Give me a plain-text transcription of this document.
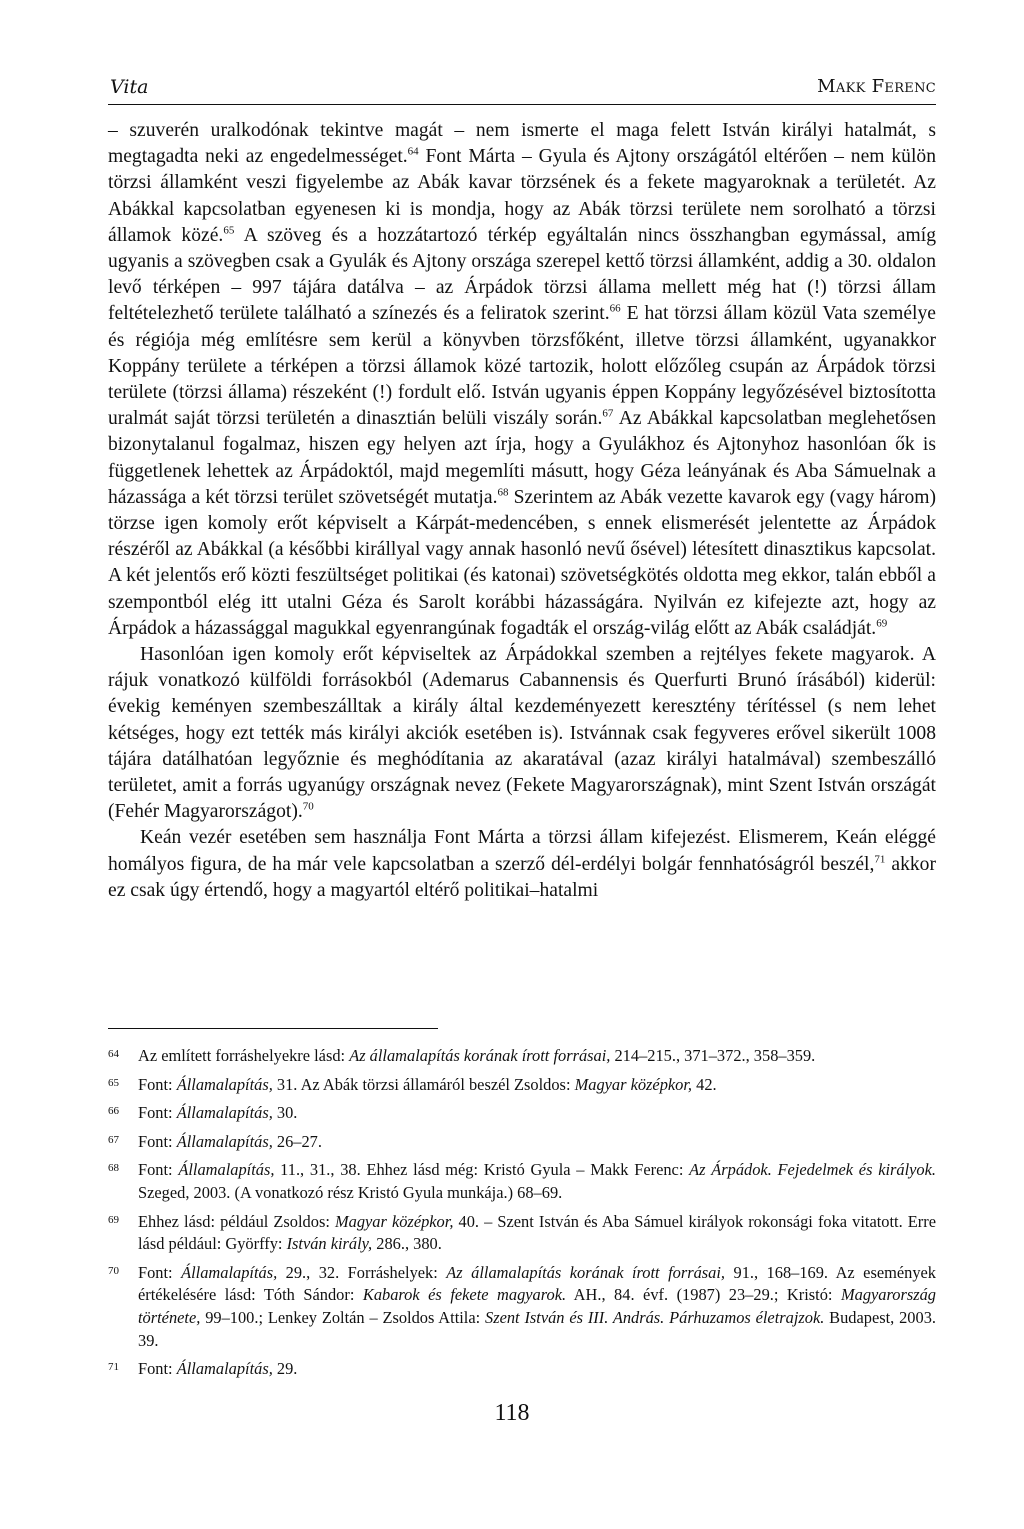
Vita	Makk Ferenc

– szuverén uralkodónak tekintve magát – nem ismerte el maga felett István királyi hatalmát, s megtagadta neki az engedelmességet.$^{64}$ Font Márta – Gyula és Ajtony országától eltérően – nem külön törzsi államként veszi figyelembe az Abák kavar törzsének és a fekete magyaroknak a területét. Az Abákkal kapcsolatban egyenesen ki is mondja, hogy az Abák törzsi területe nem sorolható a törzsi államok közé.$^{65}$ A szöveg és a hozzátartozó térkép egyáltalán nincs összhangban egymással, amíg ugyanis a szövegben csak a Gyulák és Ajtony országa szerepel kettő törzsi államként, addig a 30. oldalon levő térképen – 997 tájára datálva – az Árpádok törzsi állama mellett még hat (!) törzsi állam feltételezhető területe található a színezés és a feliratok szerint.$^{66}$ E hat törzsi állam közül Vata személye és régiója még említésre sem kerül a könyvben törzsfőként, illetve törzsi államként, ugyanakkor Koppány területe a térképen a törzsi államok közé tartozik, holott előzőleg csupán az Árpádok törzsi területe (törzsi állama) részeként (!) fordult elő. István ugyanis éppen Koppány legyőzésével biztosította uralmát saját törzsi területén a dinasztián belüli viszály során.$^{67}$ Az Abákkal kapcsolatban meglehetősen bizonytalanul fogalmaz, hiszen egy helyen azt írja, hogy a Gyulákhoz és Ajtonyhoz hasonlóan ők is függetlenek lehettek az Árpádoktól, majd megemlíti másutt, hogy Géza leányának és Aba Sámuelnak a házassága a két törzsi terület szövetségét mutatja.$^{68}$ Szerintem az Abák vezette kavarok egy (vagy három) törzse igen komoly erőt képviselt a Kárpát-medencében, s ennek elismerését jelentette az Árpádok részéről az Abákkal (a későbbi királlyal vagy annak hasonló nevű ősével) létesített dinasztikus kapcsolat. A két jelentős erő közti feszültséget politikai (és katonai) szövetségkötés oldotta meg ekkor, talán ebből a szempontból elég itt utalni Géza és Sarolt korábbi házasságára. Nyilván ez kifejezte azt, hogy az Árpádok a házassággal magukkal egyenrangúnak fogadták el ország-világ előtt az Abák családját.$^{69}$

Hasonlóan igen komoly erőt képviseltek az Árpádokkal szemben a rejtélyes fekete magyarok. A rájuk vonatkozó külföldi forrásokból (Ademarus Cabannensis és Querfurti Brunó írásából) kiderül: évekig keményen szembeszálltak a király által kezdeményezett keresztény térítéssel (s nem lehet kétséges, hogy ezt tették más királyi akciók esetében is). Istvánnak csak fegyveres erővel sikerült 1008 tájára datálhatóan legyőznie és meghódítania az akaratával (azaz királyi hatalmával) szembeszálló területet, amit a forrás ugyanúgy országnak nevez (Fekete Magyarországnak), mint Szent István országát (Fehér Magyarországot).$^{70}$

Keán vezér esetében sem használja Font Márta a törzsi állam kifejezést. Elismerem, Keán eléggé homályos figura, de ha már vele kapcsolatban a szerző dél-erdélyi bolgár fennhatóságról beszél,$^{71}$ akkor ez csak úgy értendő, hogy a magyartól eltérő politikai–hatalmi

64 Az említett forráshelyekre lásd: Az államalapítás korának írott forrásai, 214–215., 371–372., 358–359.
65 Font: Államalapítás, 31. Az Abák törzsi államáról beszél Zsoldos: Magyar középkor, 42.
66 Font: Államalapítás, 30.
67 Font: Államalapítás, 26–27.
68 Font: Államalapítás, 11., 31., 38. Ehhez lásd még: Kristó Gyula – Makk Ferenc: Az Árpádok. Fejedelmek és királyok. Szeged, 2003. (A vonatkozó rész Kristó Gyula munkája.) 68–69.
69 Ehhez lásd: például Zsoldos: Magyar középkor, 40. – Szent István és Aba Sámuel királyok rokonsági foka vitatott. Erre lásd például: Györffy: István király, 286., 380.
70 Font: Államalapítás, 29., 32. Forráshelyek: Az államalapítás korának írott forrásai, 91., 168–169. Az események értékelésére lásd: Tóth Sándor: Kabarok és fekete magyarok. AH., 84. évf. (1987) 23–29.; Kristó: Magyarország története, 99–100.; Lenkey Zoltán – Zsoldos Attila: Szent István és III. András. Párhuzamos életrajzok. Budapest, 2003. 39.
71 Font: Államalapítás, 29.
118
